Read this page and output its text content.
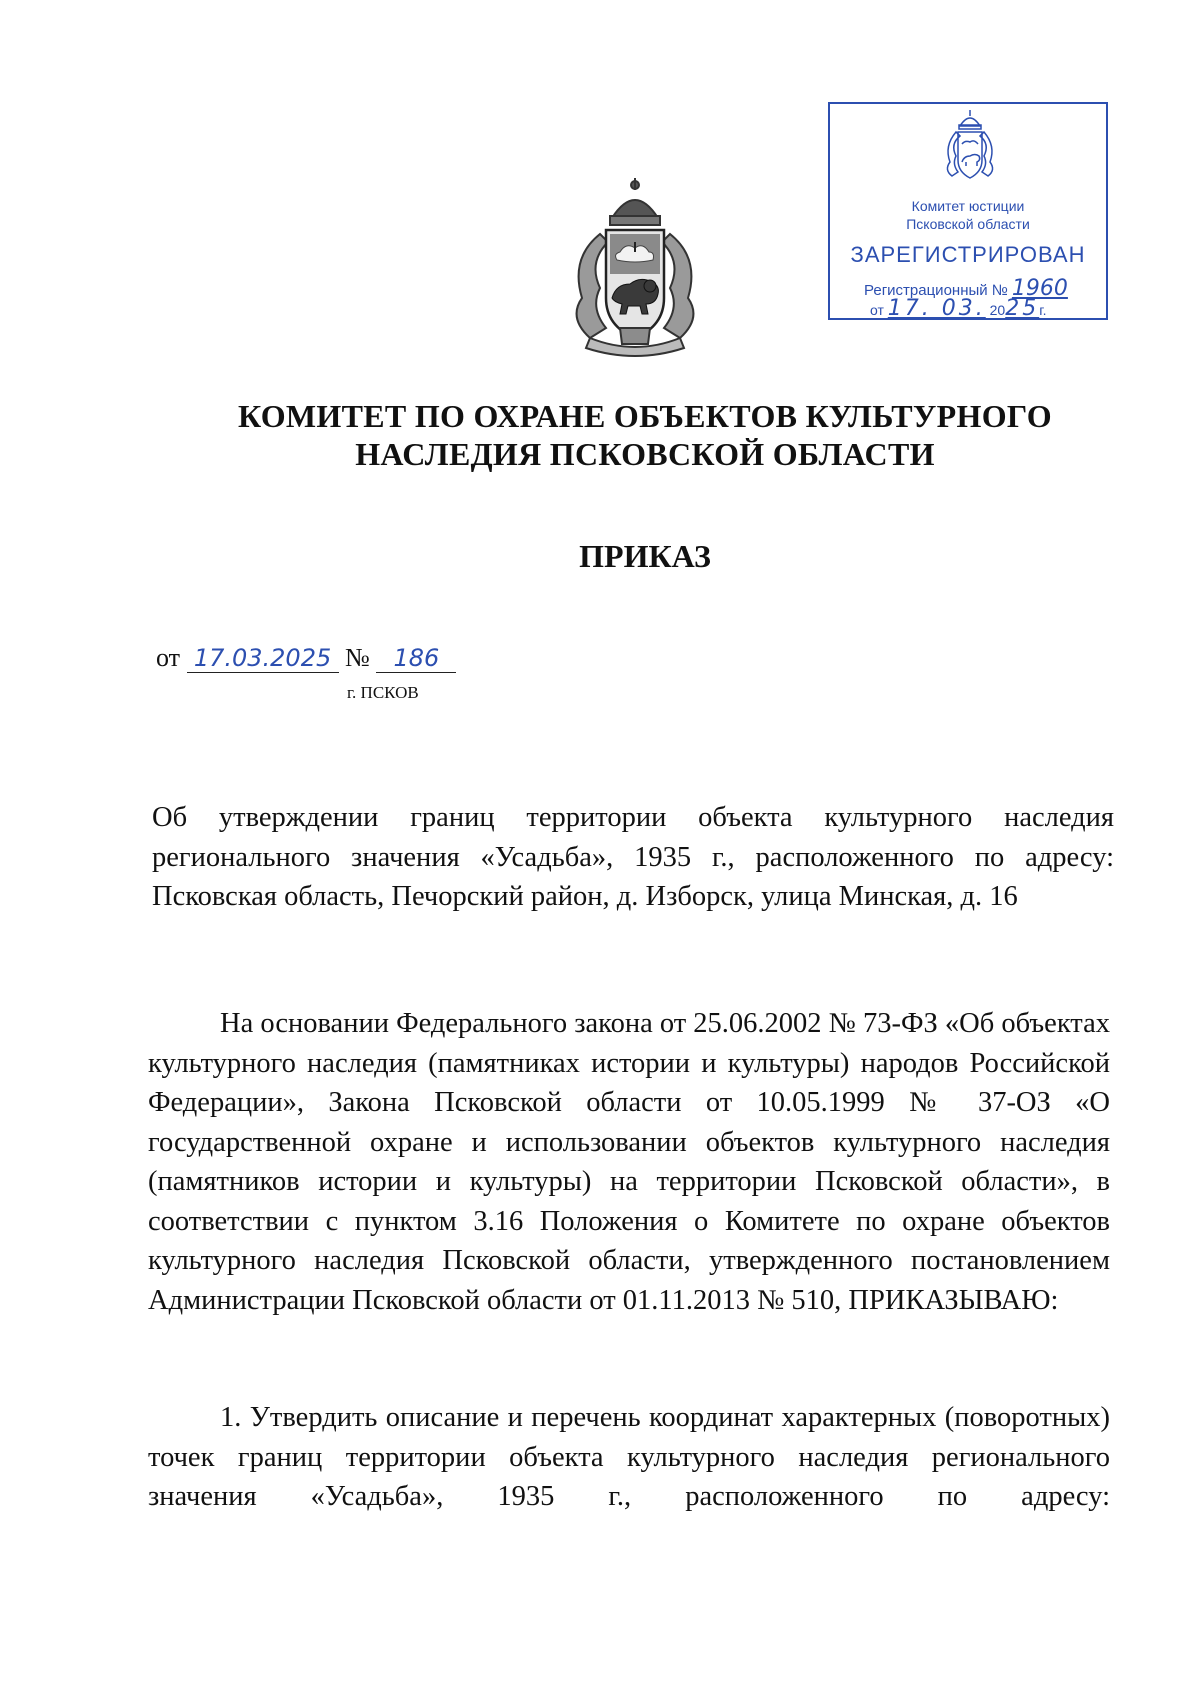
Комитет юстиции
Псковской области
ЗАРЕГИСТРИРОВАН
Регистрационный № 1960
от 17. 03. 2025г.
КОМИТЕТ ПО ОХРАНЕ ОБЪЕКТОВ КУЛЬТУРНОГО
НАСЛЕДИЯ ПСКОВСКОЙ ОБЛАСТИ
ПРИКАЗ
от 17.03.2025 № 186
г. ПСКОВ
Об утверждении границ территории объекта культурного наследия регионального значения «Усадьба», 1935 г., расположенного по адресу: Псковская область, Печорский район, д. Изборск, улица Минская, д. 16
На основании Федерального закона от 25.06.2002 № 73-ФЗ «Об объектах культурного наследия (памятниках истории и культуры) народов Российской Федерации», Закона Псковской области от 10.05.1999 № 37-ОЗ «О государственной охране и использовании объектов культурного наследия (памятников истории и культуры) на территории Псковской области», в соответствии с пунктом 3.16 Положения о Комитете по охране объектов культурного наследия Псковской области, утвержденного постановлением Администрации Псковской области от 01.11.2013 № 510, ПРИКАЗЫВАЮ:
1. Утвердить описание и перечень координат характерных (поворотных) точек границ территории объекта культурного наследия регионального значения «Усадьба», 1935 г., расположенного по адресу:
